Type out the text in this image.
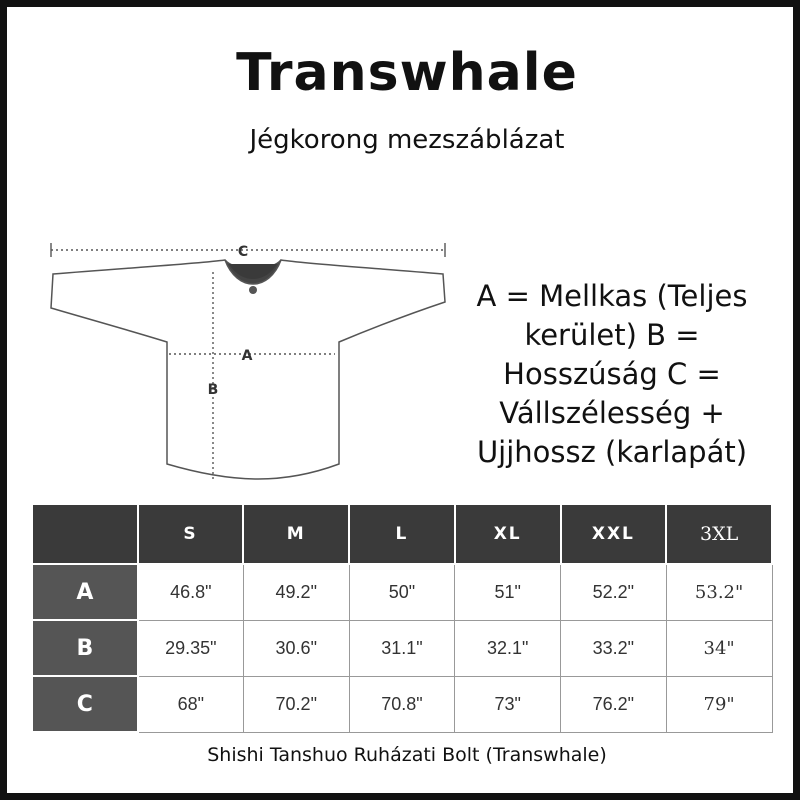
Transwhale
Jégkorong mezszáblázat
C
A
B
A = Mellkas (Teljes kerület) B = Hosszúság C = Vállszélesség + Ujjhossz (karlapát)
	S	M	L	XL	XXL	3XL
A	46.8"	49.2"	50"	51"	52.2"	53.2"
B	29.35"	30.6"	31.1"	32.1"	33.2"	34"
C	68"	70.2"	70.8"	73"	76.2"	79"
Shishi Tanshuo Ruházati Bolt (Transwhale)
